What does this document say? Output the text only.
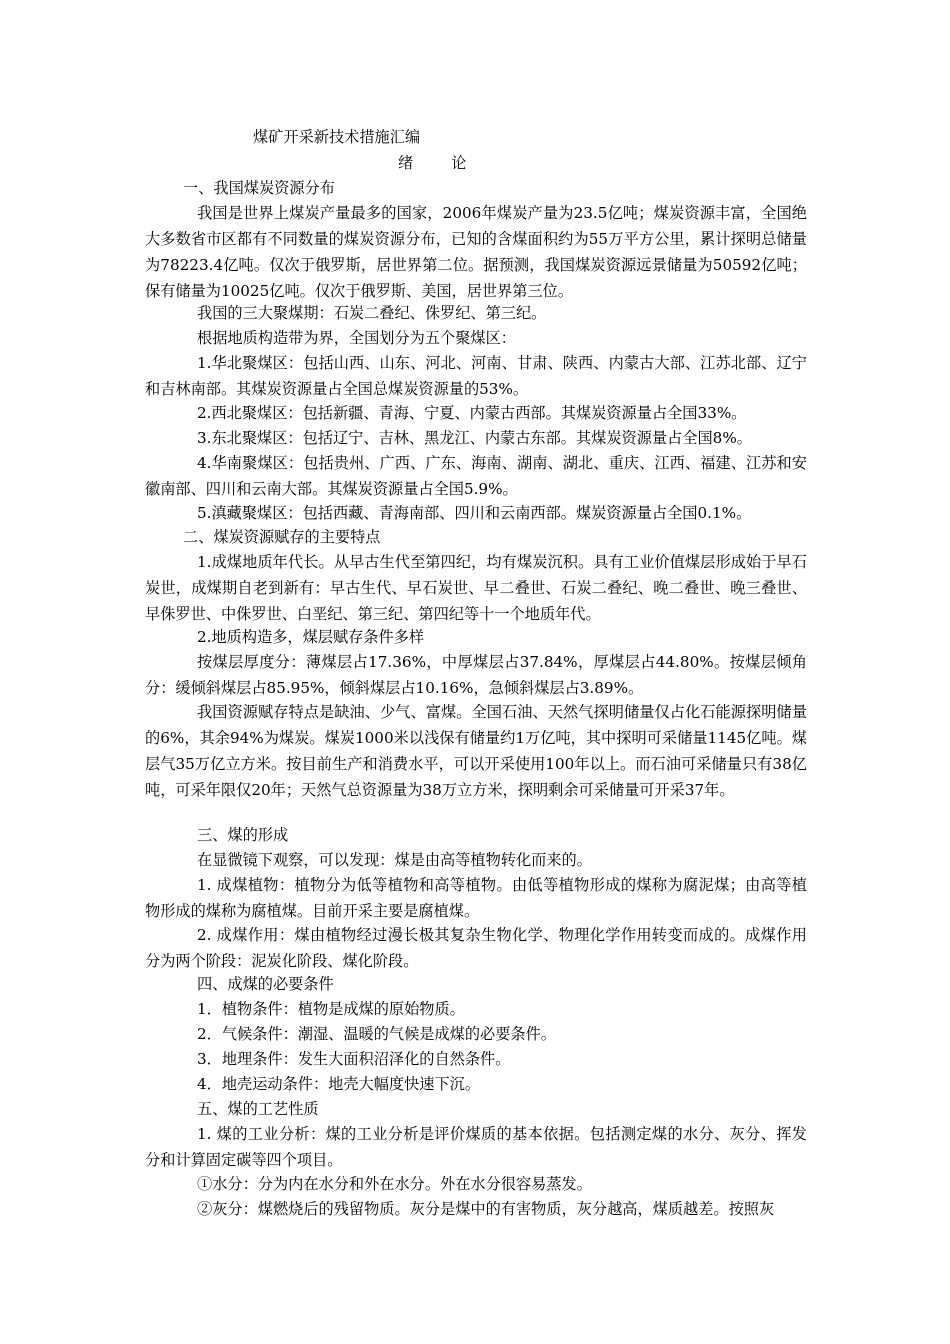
煤矿开采新技术措施汇编
绪	论
一、我国煤炭资源分布
我国是世界上煤炭产量最多的国家，2006年煤炭产量为23.5亿吨；煤炭资源丰富，全国绝大多数省市区都有不同数量的煤炭资源分布，已知的含煤面积约为55万平方公里，累计探明总储量为78223.4亿吨。仅次于俄罗斯，居世界第二位。据预测，我国煤炭资源远景储量为50592亿吨；保有储量为10025亿吨。仅次于俄罗斯、美国，居世界第三位。
我国的三大聚煤期：石炭二叠纪、侏罗纪、第三纪。
根据地质构造带为界，全国划分为五个聚煤区：
1.华北聚煤区：包括山西、山东、河北、河南、甘肃、陕西、内蒙古大部、江苏北部、辽宁和吉林南部。其煤炭资源量占全国总煤炭资源量的53%。
2.西北聚煤区：包括新疆、青海、宁夏、内蒙古西部。其煤炭资源量占全国33%。
3.东北聚煤区：包括辽宁、吉林、黑龙江、内蒙古东部。其煤炭资源量占全国8%。
4.华南聚煤区：包括贵州、广西、广东、海南、湖南、湖北、重庆、江西、福建、江苏和安徽南部、四川和云南大部。其煤炭资源量占全国5.9%。
5.滇藏聚煤区：包括西藏、青海南部、四川和云南西部。煤炭资源量占全国0.1%。
二、煤炭资源赋存的主要特点
1.成煤地质年代长。从早古生代至第四纪，均有煤炭沉积。具有工业价值煤层形成始于早石炭世，成煤期自老到新有：早古生代、早石炭世、早二叠世、石炭二叠纪、晚二叠世、晚三叠世、早侏罗世、中侏罗世、白垩纪、第三纪、第四纪等十一个地质年代。
2.地质构造多，煤层赋存条件多样
按煤层厚度分：薄煤层占17.36%，中厚煤层占37.84%，厚煤层占44.80%。按煤层倾角分：缓倾斜煤层占85.95%，倾斜煤层占10.16%，急倾斜煤层占3.89%。
我国资源赋存特点是缺油、少气、富煤。全国石油、天然气探明储量仅占化石能源探明储量的6%，其余94%为煤炭。煤炭1000米以浅保有储量约1万亿吨，其中探明可采储量1145亿吨。煤层气35万亿立方米。按目前生产和消费水平，可以开采使用100年以上。而石油可采储量只有38亿吨，可采年限仅20年；天然气总资源量为38万立方米，探明剩余可采储量可开采37年。
三、煤的形成
在显微镜下观察，可以发现：煤是由高等植物转化而来的。
1. 成煤植物：植物分为低等植物和高等植物。由低等植物形成的煤称为腐泥煤；由高等植物形成的煤称为腐植煤。目前开采主要是腐植煤。
2. 成煤作用：煤由植物经过漫长极其复杂生物化学、物理化学作用转变而成的。成煤作用分为两个阶段：泥炭化阶段、煤化阶段。
四、成煤的必要条件
1．植物条件：植物是成煤的原始物质。
2．气候条件：潮湿、温暖的气候是成煤的必要条件。
3．地理条件：发生大面积沼泽化的自然条件。
4．地壳运动条件：地壳大幅度快速下沉。
五、煤的工艺性质
1. 煤的工业分析：煤的工业分析是评价煤质的基本依据。包括测定煤的水分、灰分、挥发分和计算固定碳等四个项目。
①水分：分为内在水分和外在水分。外在水分很容易蒸发。
②灰分：煤燃烧后的残留物质。灰分是煤中的有害物质，灰分越高，煤质越差。按照灰
